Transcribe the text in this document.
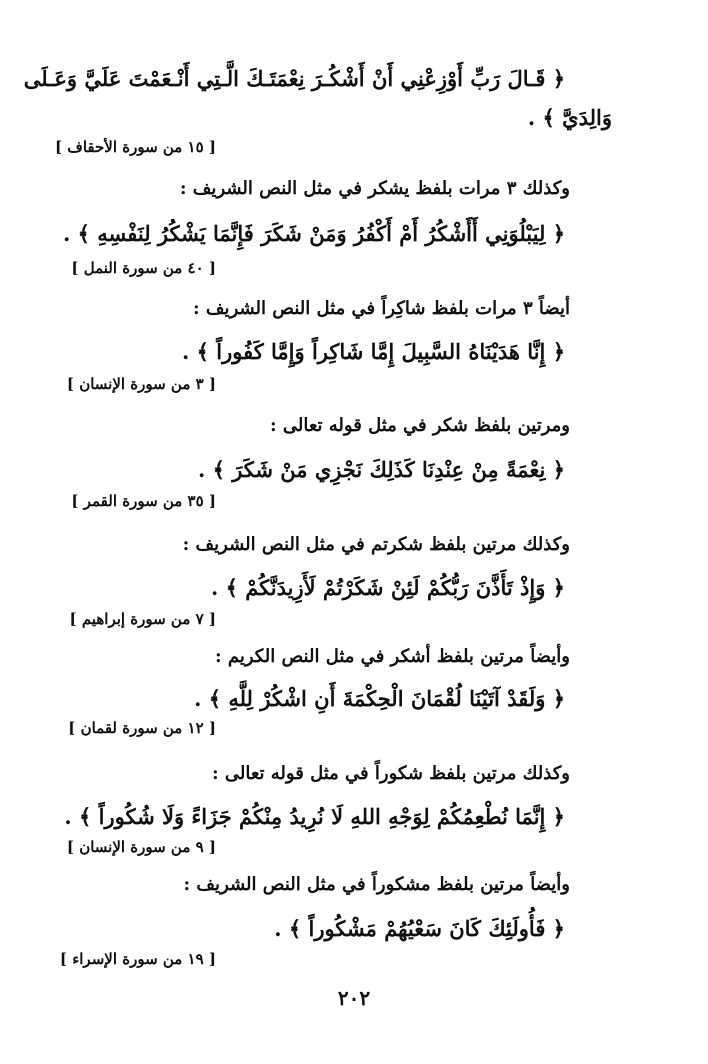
﴿ قَـالَ رَبِّ أَوْزِعْنِي أَنْ أَشْكُـرَ نِعْمَتَـكَ الَّـتِي أَنْـعَمْتَ عَلَيَّ وَعَـلَى
وَالِدَيَّ ﴾ .
[ ١٥ من سورة الأحقاف ]
وكذلك ٣ مرات بلفظ يشكر في مثل النص الشريف :
﴿ لِيَبْلُوَنِي أَأَشْكُرُ أَمْ أَكْفُرُ وَمَنْ شَكَرَ فَإِنَّمَا يَشْكُرُ لِنَفْسِهِ ﴾ .
[ ٤٠ من سورة النمل ]
أيضاً ٣ مرات بلفظ شاكِراً في مثل النص الشريف :
﴿ إِنَّا هَدَيْنَاهُ السَّبِيلَ إِمَّا شَاكِراً وَإِمَّا كَفُوراً ﴾ .
[ ٣ من سورة الإنسان ]
ومرتين بلفظ شكر في مثل قوله تعالى :
﴿ نِعْمَةً مِنْ عِنْدِنَا كَذَلِكَ نَجْزِي مَنْ شَكَرَ ﴾ .
[ ٣٥ من سورة القمر ]
وكذلك مرتين بلفظ شكرتم في مثل النص الشريف :
﴿ وَإِذْ تَأَذَّنَ رَبُّكُمْ لَئِنْ شَكَرْتُمْ لَأَزِيدَنَّكُمْ ﴾ .
[ ٧ من سورة إبراهيم ]
وأيضاً مرتين بلفظ أشكر في مثل النص الكريم :
﴿ وَلَقَدْ آتَيْنَا لُقْمَانَ الْحِكْمَةَ أَنِ اشْكُرْ لِلَّهِ ﴾ .
[ ١٢ من سورة لقمان ]
وكذلك مرتين بلفظ شكوراً في مثل قوله تعالى :
﴿ إِنَّمَا نُطْعِمُكُمْ لِوَجْهِ اللهِ لَا نُرِيدُ مِنْكُمْ جَزَاءً وَلَا شُكُوراً ﴾ .
[ ٩ من سورة الإنسان ]
وأيضاً مرتين بلفظ مشكوراً في مثل النص الشريف :
﴿ فَأُولَئِكَ كَانَ سَعْيُهُمْ مَشْكُوراً ﴾ .
[ ١٩ من سورة الإسراء ]
٢٠٢
